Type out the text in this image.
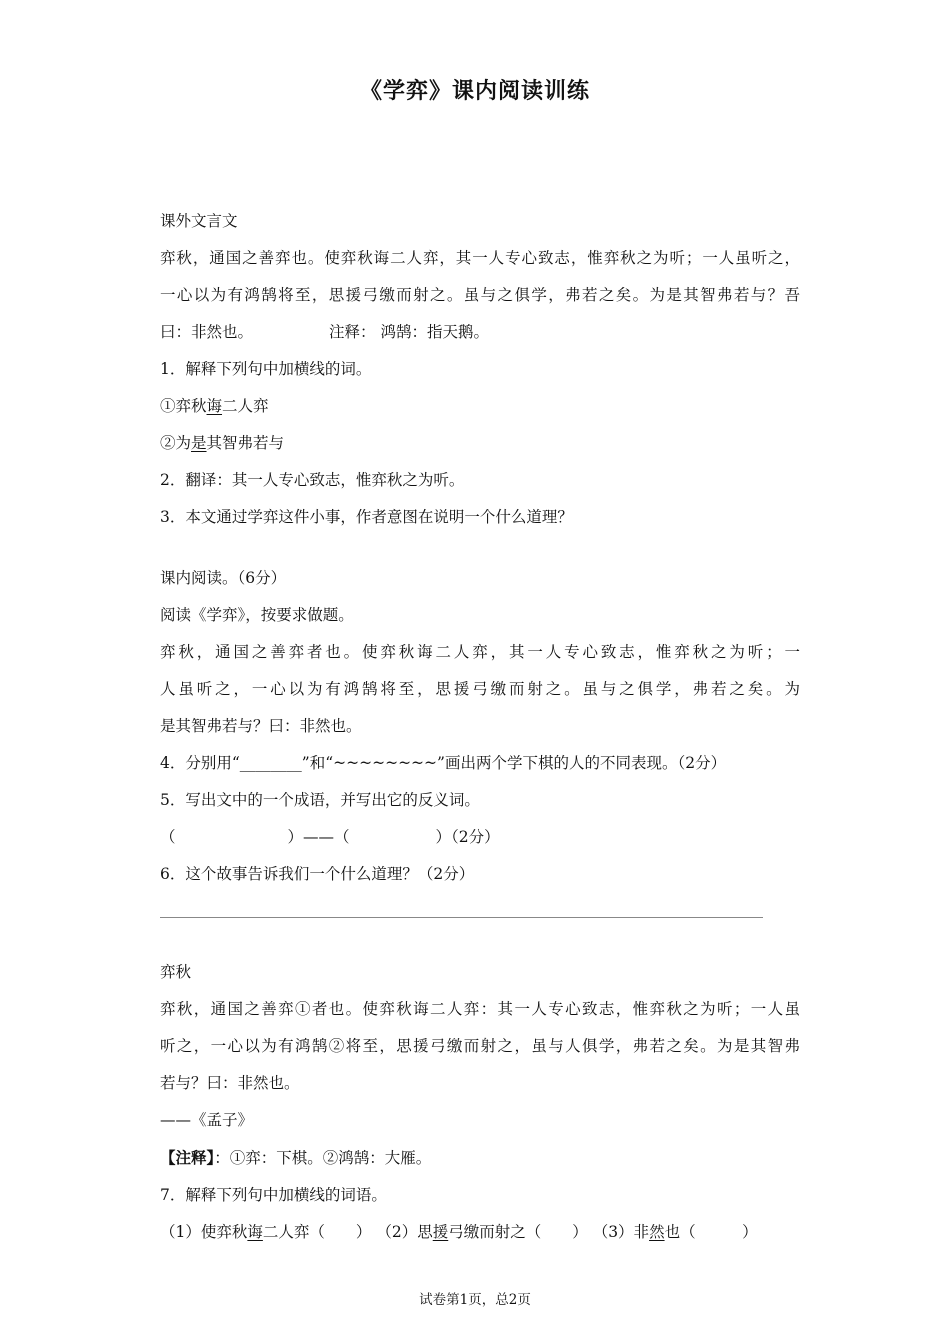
《学弈》课内阅读训练
课外文言文
弈秋，通国之善弈也。使弈秋诲二人弈，其一人专心致志，惟弈秋之为听；一人虽听之，
一心以为有鸿鹄将至，思援弓缴而射之。虽与之俱学，弗若之矣。为是其智弗若与？吾
曰：非然也。	注释： 鸿鹄：指天鹅。
1．解释下列句中加横线的词。
①弈秋诲二人弈
②为是其智弗若与
2．翻译：其一人专心致志，惟弈秋之为听。
3．本文通过学弈这件小事，作者意图在说明一个什么道理？
课内阅读。（6分）
阅读《学弈》，按要求做题。
弈秋，通国之善弈者也。使弈秋诲二人弈，其一人专心致志，惟弈秋之为听；一
人虽听之，一心以为有鸿鹄将至，思援弓缴而射之。虽与之俱学，弗若之矣。为
是其智弗若与？曰：非然也。
4．分别用“________”和“~~~~~~~~”画出两个学下棋的人的不同表现。（2分）
5．写出文中的一个成语，并写出它的反义词。
（	）——（	）（2分）
6．这个故事告诉我们一个什么道理？（2分）
弈秋
弈秋，通国之善弈①者也。使弈秋诲二人弈：其一人专心致志，惟弈秋之为听；一人虽
听之，一心以为有鸿鹄②将至，思援弓缴而射之，虽与人俱学，弗若之矣。为是其智弗
若与？曰：非然也。
——《孟子》
【注释】：①弈：下棋。②鸿鹄：大雁。
7．解释下列句中加横线的词语。
（1）使弈秋诲二人弈（　　） （2）思援弓缴而射之（　　） （3）非然也（　　　）
试卷第1页，总2页
